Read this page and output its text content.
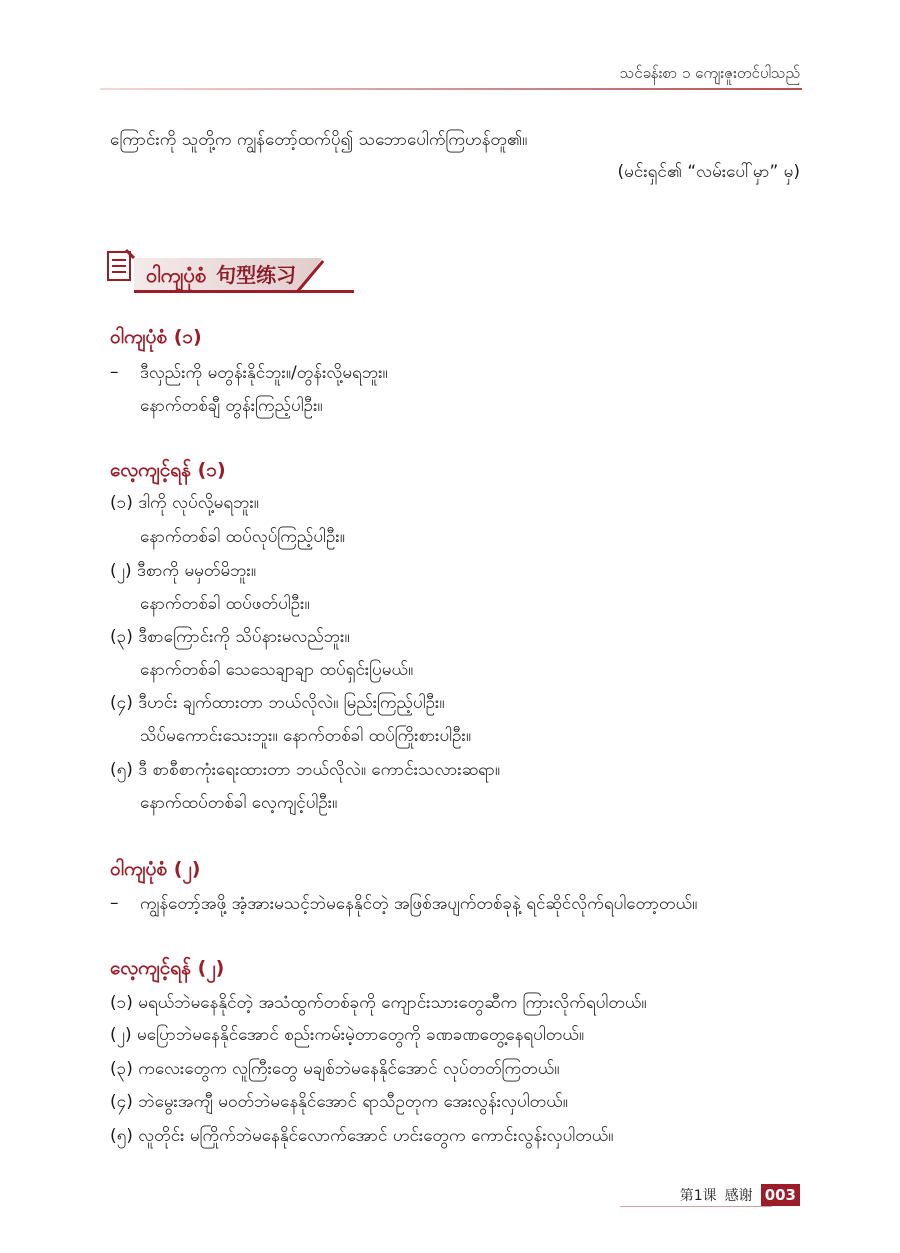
သင်ခန်းစာ ၁ ကျေးဇူးတင်ပါသည်
ကြောင်းကို သူတို့က ကျွန်တော့်ထက်ပို၍ သဘောပေါက်ကြဟန်တူ၏။
(မင်းရှင်၏ “လမ်းပေါ်မှာ” မှ)
ဝါကျပုံစံ 句型练习
ဝါကျပုံစံ (၁)
– ဒီလှည်းကို မတွန်းနိုင်ဘူး။/တွန်းလို့မရဘူး။
နောက်တစ်ချီ တွန်းကြည့်ပါဦး။
လေ့ကျင့်ရန် (၁)
(၁) ဒါကို လုပ်လို့မရဘူး။
နောက်တစ်ခါ ထပ်လုပ်ကြည့်ပါဦး။
(၂) ဒီစာကို မမှတ်မိဘူး။
နောက်တစ်ခါ ထပ်ဖတ်ပါဦး။
(၃) ဒီစာကြောင်းကို သိပ်နားမလည်ဘူး။
နောက်တစ်ခါ သေသေချာချာ ထပ်ရှင်းပြမယ်။
(၄) ဒီဟင်း ချက်ထားတာ ဘယ်လိုလဲ။ မြည်းကြည့်ပါဦး။
သိပ်မကောင်းသေးဘူး။ နောက်တစ်ခါ ထပ်ကြိုးစားပါဦး။
(၅) ဒီ စာစီစာကုံးရေးထားတာ ဘယ်လိုလဲ။ ကောင်းသလားဆရာ။
နောက်ထပ်တစ်ခါ လေ့ကျင့်ပါဦး။
ဝါကျပုံစံ (၂)
– ကျွန်တော့်အဖို့ အံ့အားမသင့်ဘဲမနေနိုင်တဲ့ အဖြစ်အပျက်တစ်ခုနဲ့ ရင်ဆိုင်လိုက်ရပါတော့တယ်။
လေ့ကျင့်ရန် (၂)
(၁) မရယ်ဘဲမနေနိုင်တဲ့ အသံထွက်တစ်ခုကို ကျောင်းသားတွေဆီက ကြားလိုက်ရပါတယ်။
(၂) မပြောဘဲမနေနိုင်အောင် စည်းကမ်းမဲ့တာတွေကို ခဏခဏတွေ့နေရပါတယ်။
(၃) ကလေးတွေက လူကြီးတွေ မချစ်ဘဲမနေနိုင်အောင် လုပ်တတ်ကြတယ်။
(၄) ဘဲမွေးအကျီ မဝတ်ဘဲမနေနိုင်အောင် ရာသီဥတုက အေးလွန်းလှပါတယ်။
(၅) လူတိုင်း မကြိုက်ဘဲမနေနိုင်လောက်အောင် ဟင်းတွေက ကောင်းလွန်းလှပါတယ်။
第1课 感谢 003
